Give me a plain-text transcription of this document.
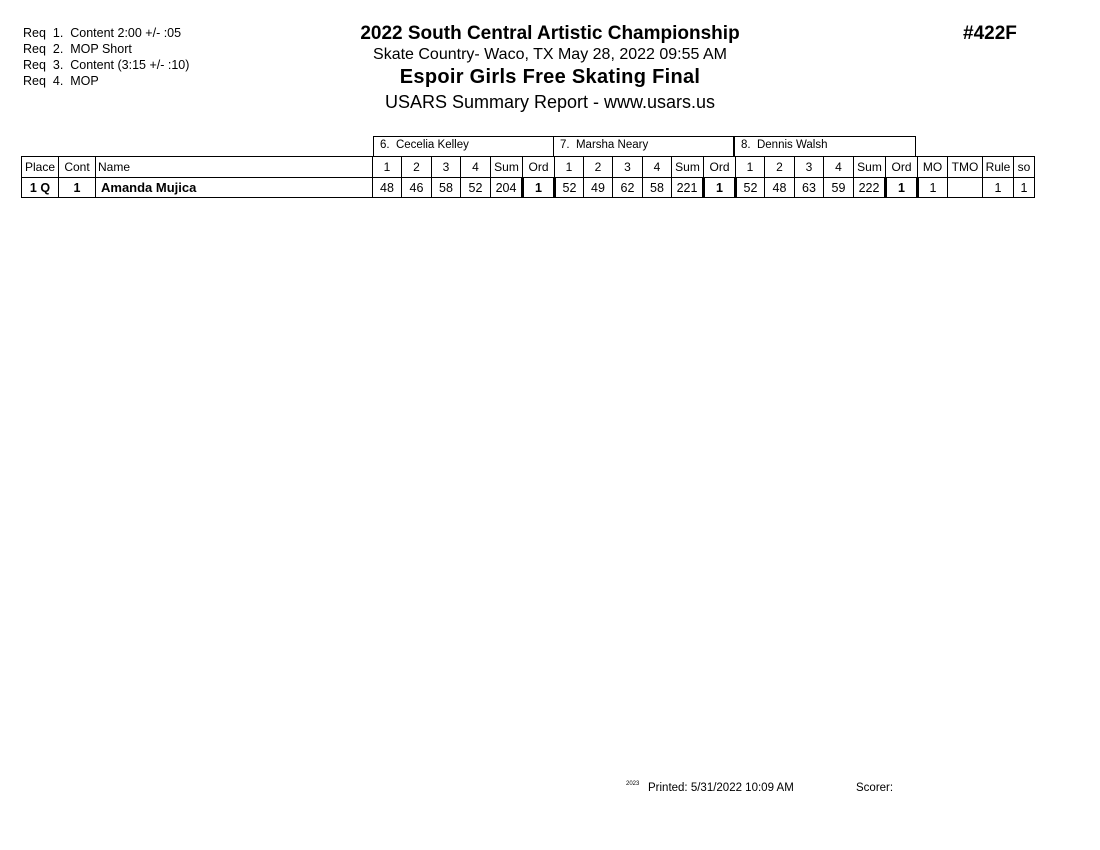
Req  1.  Content 2:00 +/- :05
Req  2.  MOP Short
Req  3.  Content (3:15 +/- :10)
Req  4.  MOP
2022 South Central Artistic Championship
Skate Country- Waco, TX May 28, 2022 09:55 AM
Espoir Girls Free Skating Final
USARS Summary Report - www.usars.us
#422F
6.  Cecelia Kelley	7.  Marsha Neary	8.  Dennis Walsh
Place	Cont	Name	1	2	3	4	Sum	Ord	1	2	3	4	Sum	Ord	1	2	3	4	Sum	Ord	MO	TMO	Rule	so
1 Q	1	Amanda Mujica	48	46	58	52	204	1	52	49	62	58	221	1	52	48	63	59	222	1	1		1	1
2023 Printed: 5/31/2022 10:09 AM	Scorer:
